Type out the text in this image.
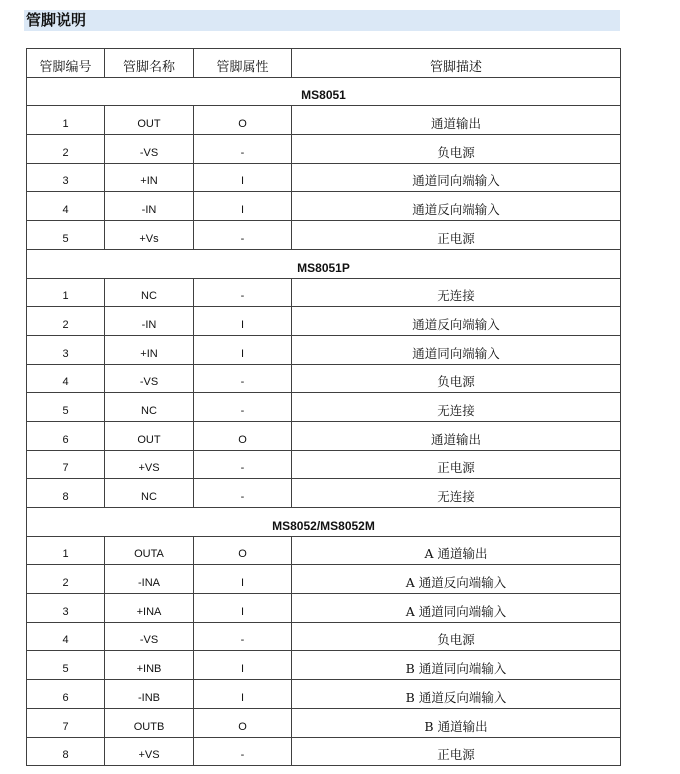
管脚说明
管脚编号	管脚名称	管脚属性	管脚描述
MS8051			
1	OUT	O	通道输出
2	-VS	-	负电源
3	+IN	I	通道同向端输入
4	-IN	I	通道反向端输入
5	+Vs	-	正电源
MS8051P			
1	NC	-	无连接
2	-IN	I	通道反向端输入
3	+IN	I	通道同向端输入
4	-VS	-	负电源
5	NC	-	无连接
6	OUT	O	通道输出
7	+VS	-	正电源
8	NC	-	无连接
MS8052/MS8052M			
1	OUTA	O	A 通道输出
2	-INA	I	A 通道反向端输入
3	+INA	I	A 通道同向端输入
4	-VS	-	负电源
5	+INB	I	B 通道同向端输入
6	-INB	I	B 通道反向端输入
7	OUTB	O	B 通道输出
8	+VS	-	正电源
